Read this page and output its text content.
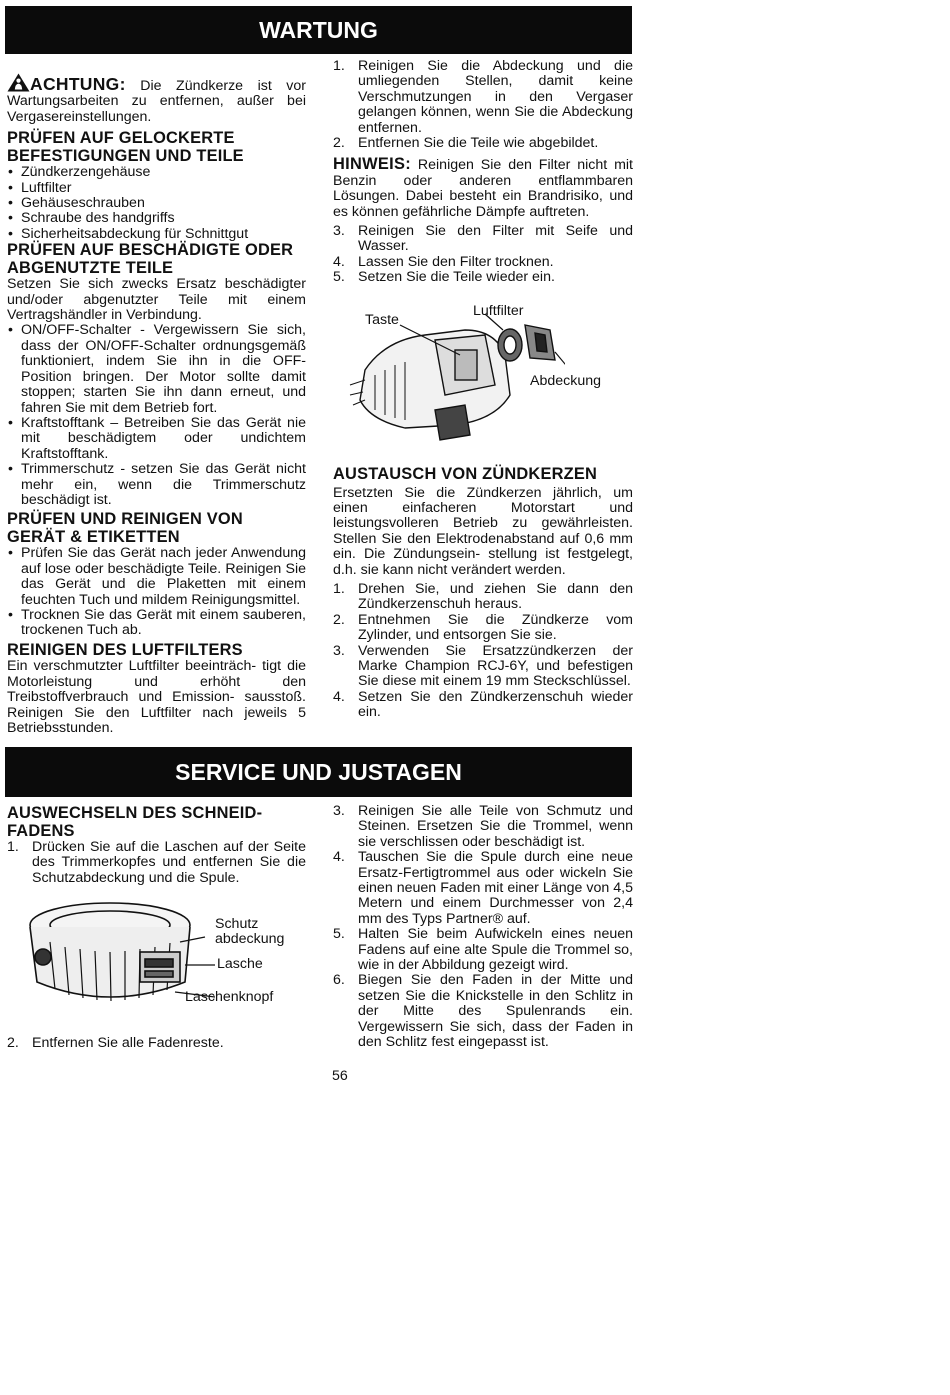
WARTUNG

ACHTUNG: Die Zündkerze ist vor Wartungsarbeiten zu entfernen, außer bei Vergasereinstellungen.

PRÜFEN AUF GELOCKERTE BEFESTIGUNGEN UND TEILE
• Zündkerzengehäuse
• Luftfilter
• Gehäuseschrauben
• Schraube des handgriffs
• Sicherheitsabdeckung für Schnittgut
PRÜFEN AUF BESCHÄDIGTE ODER ABGENUTZTE TEILE

Setzen Sie sich zwecks Ersatz beschädigter und/oder abgenutzter Teile mit einem Vertragshändler in Verbindung.

• ON/OFF-Schalter - Vergewissern Sie sich, dass der ON/OFF-Schalter ordnungsgemäß funktioniert, indem Sie ihn in die OFF-Position bringen. Der Motor sollte damit stoppen; starten Sie ihn dann erneut, und fahren Sie mit dem Betrieb fort.
• Kraftstofftank – Betreiben Sie das Gerät nie mit beschädigtem oder undichtem Kraftstofftank.
• Trimmerschutz - setzen Sie das Gerät nicht mehr ein, wenn die Trimmerschutz beschädigt ist.
PRÜFEN UND REINIGEN VON GERÄT & ETIKETTEN
• Prüfen Sie das Gerät nach jeder Anwendung auf lose oder beschädigte Teile. Reinigen Sie das Gerät und die Plaketten mit einem feuchten Tuch und mildem Reinigungsmittel.
• Trocknen Sie das Gerät mit einem sauberen, trockenen Tuch ab.
REINIGEN DES LUFTFILTERS

Ein verschmutzter Luftfilter beeinträch- tigt die Motorleistung und erhöht den Treibstoffverbrauch und Emission- sausstoß. Reinigen Sie den Luftfilter nach jeweils 5 Betriebsstunden.

1. Reinigen Sie die Abdeckung und die umliegenden Stellen, damit keine Verschmutzungen in den Vergaser gelangen können, wenn Sie die Abdeckung entfernen.
2. Entfernen Sie die Teile wie abgebildet.

HINWEIS: Reinigen Sie den Filter nicht mit Benzin oder anderen entflammbaren Lösungen. Dabei besteht ein Brandrisiko, und es können gefährliche Dämpfe auftreten.

3. Reinigen Sie den Filter mit Seife und Wasser.
4. Lassen Sie den Filter trocknen.
5. Setzen Sie die Teile wieder ein.
Taste
Luftfilter
Abdeckung
AUSTAUSCH VON ZÜNDKERZEN

Ersetzten Sie die Zündkerzen jährlich, um einen einfacheren Motorstart und leistungsvolleren Betrieb zu gewährleisten. Stellen Sie den Elektrodenabstand auf 0,6 mm ein. Die Zündungsein- stellung ist festgelegt, d.h. sie kann nicht verändert werden.

1. Drehen Sie, und ziehen Sie dann den Zündkerzenschuh heraus.
2. Entnehmen Sie die Zündkerze vom Zylinder, und entsorgen Sie sie.
3. Verwenden Sie Ersatzzündkerzen der Marke Champion RCJ-6Y, und befestigen Sie diese mit einem 19 mm Steckschlüssel.
4. Setzen Sie den Zündkerzenschuh wieder ein.
SERVICE UND JUSTAGEN
AUSWECHSELN DES SCHNEID- FADENS
1. Drücken Sie auf die Laschen auf der Seite des Trimmerkopfes und entfernen Sie die Schutzabdeckung und die Spule.
Schutz
abdeckung
Lasche
Laschenknopf
2. Entfernen Sie alle Fadenreste.
3. Reinigen Sie alle Teile von Schmutz und Steinen. Ersetzen Sie die Trommel, wenn sie verschlissen oder beschädigt ist.
4. Tauschen Sie die Spule durch eine neue Ersatz-Fertigtrommel aus oder wickeln Sie einen neuen Faden mit einer Länge von 4,5 Metern und einem Durchmesser von 2,4 mm des Typs Partner® auf.
5. Halten Sie beim Aufwickeln eines neuen Fadens auf eine alte Spule die Trommel so, wie in der Abbildung gezeigt wird.
6. Biegen Sie den Faden in der Mitte und setzen Sie die Knickstelle in den Schlitz in der Mitte des Spulenrands ein. Vergewissern Sie sich, dass der Faden in den Schlitz fest eingepasst ist.
56
